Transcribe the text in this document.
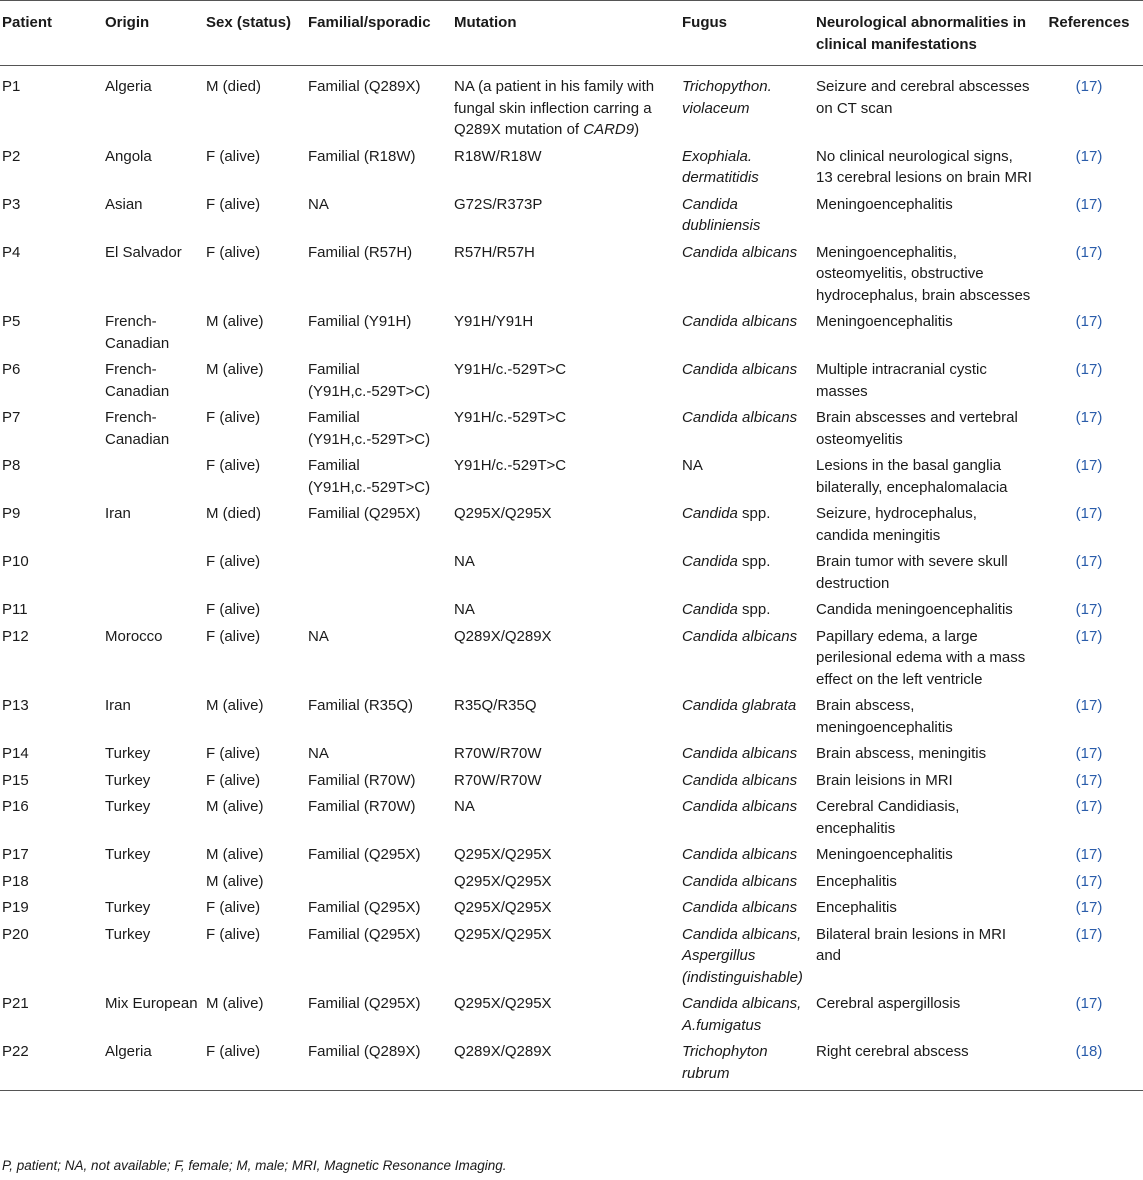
Patient	Origin	Sex (status)	Familial/sporadic	Mutation	Fugus	Neurological abnormalities in clinical manifestations	References
P1	Algeria	M (died)	Familial (Q289X)	NA (a patient in his family with fungal skin inflection carring a Q289X mutation of CARD9)	Trichopython. violaceum	Seizure and cerebral abscesses on CT scan	(17)
P2	Angola	F (alive)	Familial (R18W)	R18W/R18W	Exophiala. dermatitidis	No clinical neurological signs, 13 cerebral lesions on brain MRI	(17)
P3	Asian	F (alive)	NA	G72S/R373P	Candida dubliniensis	Meningoencephalitis	(17)
P4	El Salvador	F (alive)	Familial (R57H)	R57H/R57H	Candida albicans	Meningoencephalitis, osteomyelitis, obstructive hydrocephalus, brain abscesses	(17)
P5	French-Canadian	M (alive)	Familial (Y91H)	Y91H/Y91H	Candida albicans	Meningoencephalitis	(17)
P6	French-Canadian	M (alive)	Familial (Y91H,c.-529T>C)	Y91H/c.-529T>C	Candida albicans	Multiple intracranial cystic masses	(17)
P7	French-Canadian	F (alive)	Familial (Y91H,c.-529T>C)	Y91H/c.-529T>C	Candida albicans	Brain abscesses and vertebral osteomyelitis	(17)
P8		F (alive)	Familial (Y91H,c.-529T>C)	Y91H/c.-529T>C	NA	Lesions in the basal ganglia bilaterally, encephalomalacia	(17)
P9	Iran	M (died)	Familial (Q295X)	Q295X/Q295X	Candida spp.	Seizure, hydrocephalus, candida meningitis	(17)
P10		F (alive)		NA	Candida spp.	Brain tumor with severe skull destruction	(17)
P11		F (alive)		NA	Candida spp.	Candida meningoencephalitis	(17)
P12	Morocco	F (alive)	NA	Q289X/Q289X	Candida albicans	Papillary edema, a large perilesional edema with a mass effect on the left ventricle	(17)
P13	Iran	M (alive)	Familial (R35Q)	R35Q/R35Q	Candida glabrata	Brain abscess, meningoencephalitis	(17)
P14	Turkey	F (alive)	NA	R70W/R70W	Candida albicans	Brain abscess, meningitis	(17)
P15	Turkey	F (alive)	Familial (R70W)	R70W/R70W	Candida albicans	Brain leisions in MRI	(17)
P16	Turkey	M (alive)	Familial (R70W)	NA	Candida albicans	Cerebral Candidiasis, encephalitis	(17)
P17	Turkey	M (alive)	Familial (Q295X)	Q295X/Q295X	Candida albicans	Meningoencephalitis	(17)
P18		M (alive)		Q295X/Q295X	Candida albicans	Encephalitis	(17)
P19	Turkey	F (alive)	Familial (Q295X)	Q295X/Q295X	Candida albicans	Encephalitis	(17)
P20	Turkey	F (alive)	Familial (Q295X)	Q295X/Q295X	Candida albicans, Aspergillus (indistinguishable)	Bilateral brain lesions in MRI and	(17)
P21	Mix European	M (alive)	Familial (Q295X)	Q295X/Q295X	Candida albicans, A.fumigatus	Cerebral aspergillosis	(17)
P22	Algeria	F (alive)	Familial (Q289X)	Q289X/Q289X	Trichophyton rubrum	Right cerebral abscess	(18)
P, patient; NA, not available; F, female; M, male; MRI, Magnetic Resonance Imaging.
